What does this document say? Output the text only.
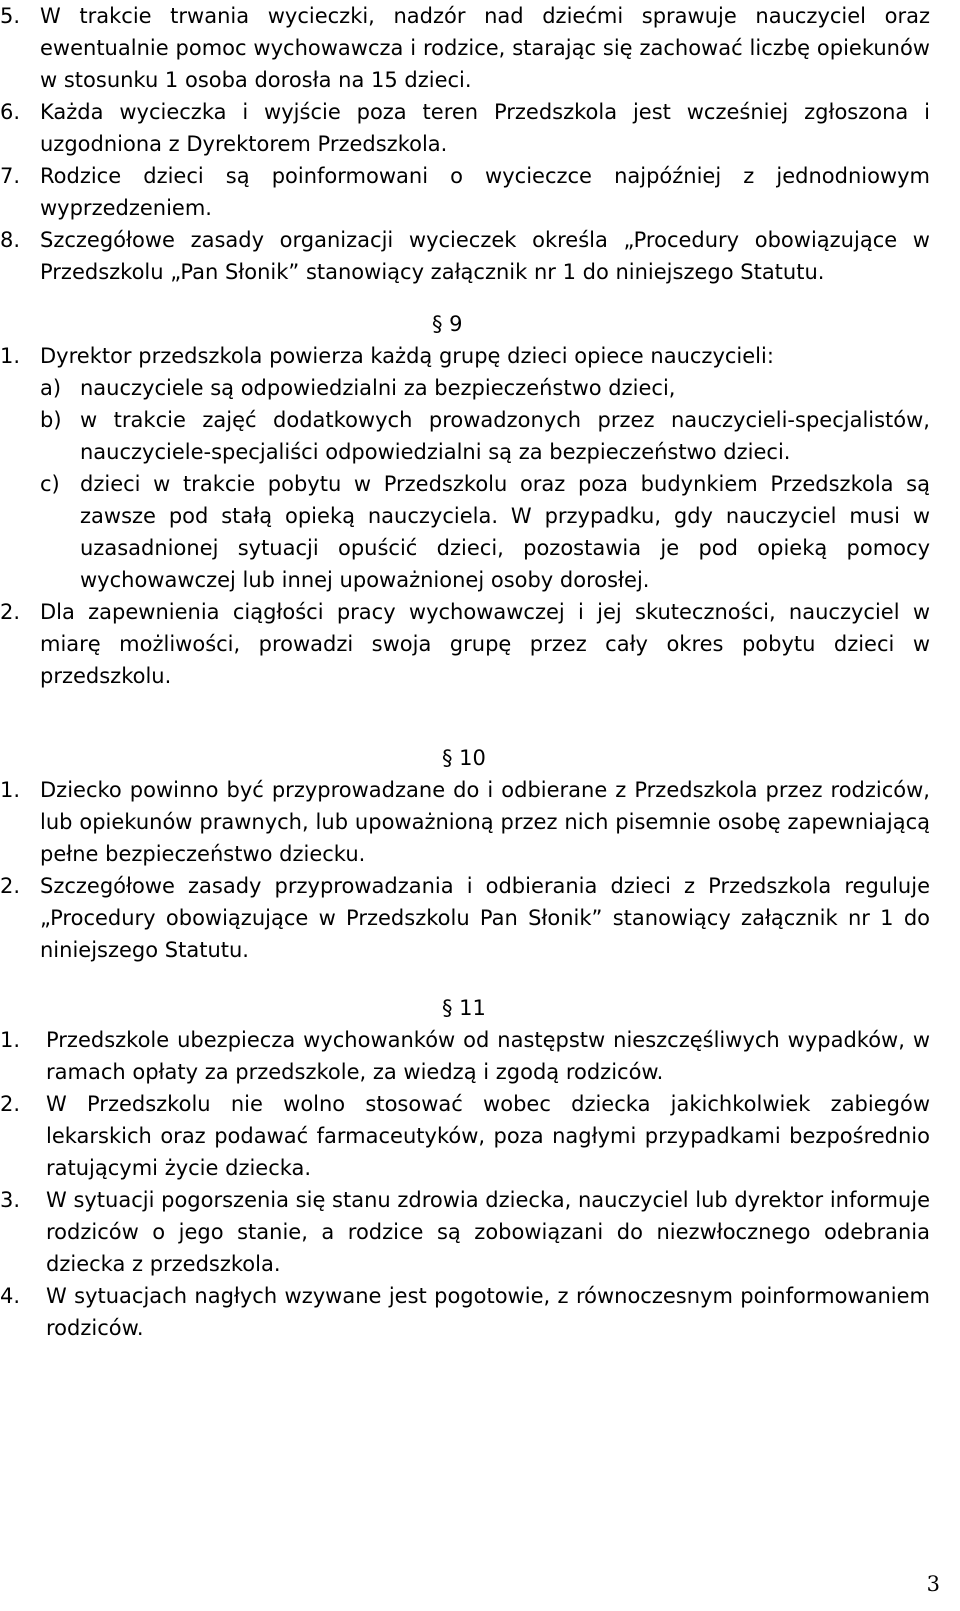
5. W trakcie trwania wycieczki, nadzór nad dziećmi sprawuje nauczyciel oraz ewentualnie pomoc wychowawcza i rodzice, starając się zachować liczbę opiekunów w stosunku 1 osoba dorosła na 15 dzieci.
6. Każda wycieczka i wyjście poza teren Przedszkola jest wcześniej zgłoszona i uzgodniona z Dyrektorem Przedszkola.
7. Rodzice dzieci są poinformowani o wycieczce najpóźniej z jednodniowym wyprzedzeniem.
8. Szczegółowe zasady organizacji wycieczek określa „Procedury obowiązujące w Przedszkolu „Pan Słonik” stanowiący załącznik nr 1 do niniejszego Statutu.
§ 9
1. Dyrektor przedszkola powierza każdą grupę dzieci opiece nauczycieli:
a) nauczyciele są odpowiedzialni za bezpieczeństwo dzieci,
b) w trakcie zajęć dodatkowych prowadzonych przez nauczycieli-specjalistów, nauczyciele-specjaliści odpowiedzialni są za bezpieczeństwo dzieci.
c) dzieci w trakcie pobytu w Przedszkolu oraz poza budynkiem Przedszkola są zawsze pod stałą opieką nauczyciela. W przypadku, gdy nauczyciel musi w uzasadnionej sytuacji opuścić dzieci, pozostawia je pod opieką pomocy wychowawczej lub innej upoważnionej osoby dorosłej.
2. Dla zapewnienia ciągłości pracy wychowawczej i jej skuteczności, nauczyciel w miarę możliwości, prowadzi swoja grupę przez cały okres pobytu dzieci w przedszkolu.
§ 10
1. Dziecko powinno być przyprowadzane do i odbierane z Przedszkola przez rodziców, lub opiekunów prawnych, lub upoważnioną przez nich pisemnie osobę zapewniającą pełne bezpieczeństwo dziecku.
2. Szczegółowe zasady przyprowadzania i odbierania dzieci z Przedszkola reguluje „Procedury obowiązujące w Przedszkolu Pan Słonik” stanowiący załącznik nr 1 do niniejszego Statutu.
§ 11
1. Przedszkole ubezpiecza wychowanków od następstw nieszczęśliwych wypadków, w ramach opłaty za przedszkole, za wiedzą i zgodą rodziców.
2. W Przedszkolu nie wolno stosować wobec dziecka jakichkolwiek zabiegów lekarskich oraz podawać farmaceutyków, poza nagłymi przypadkami bezpośrednio ratującymi życie dziecka.
3. W sytuacji pogorszenia się stanu zdrowia dziecka, nauczyciel lub dyrektor informuje rodziców o jego stanie, a rodzice są zobowiązani do niezwłocznego odebrania dziecka z przedszkola.
4. W sytuacjach nagłych wzywane jest pogotowie, z równoczesnym poinformowaniem rodziców.
3
